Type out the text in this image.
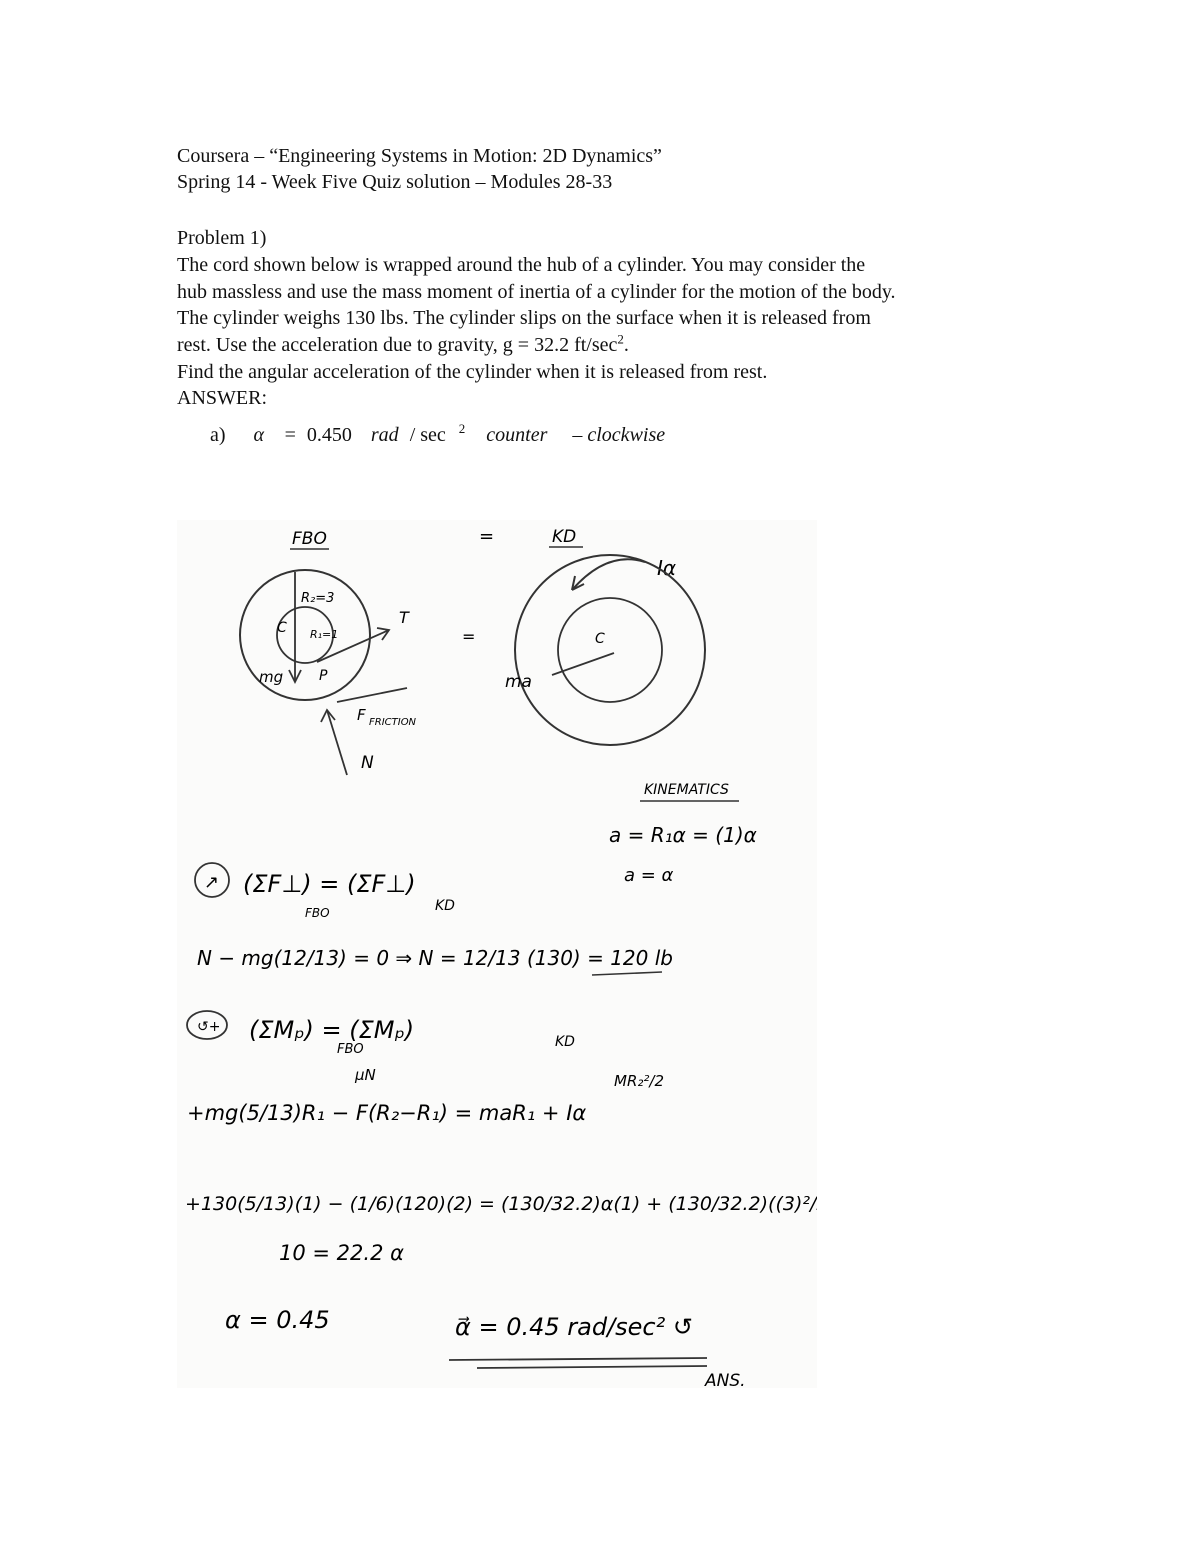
Coursera – “Engineering Systems in Motion: 2D Dynamics”
Spring 14 - Week Five Quiz solution – Modules 28-33
Problem 1)
The cord shown below is wrapped around the hub of a cylinder. You may consider the
hub massless and use the mass moment of inertia of a cylinder for the motion of the body.
The cylinder weighs 130 lbs. The cylinder slips on the surface when it is released from
rest. Use the acceleration due to gravity, g = 32.2 $ft/\sec^2$.
Find the angular acceleration of the cylinder when it is released from rest.
ANSWER:
a) α⃗ = 0.450 rad / sec $^2$ counter – clockwise
FBO	=	KD
Iα
R₂=3
R₁=1
C
mg	P
T
F FRICTION
N
=	C
ma
KINEMATICS
a = R₁α = (1)α
a = α
↗ (ΣF⊥) = (ΣF⊥)
FBO	KD
N − mg(12/13) = 0 ⇒ N = 12/13 (130) = 120 lb
↺+ (ΣMₚ) = (ΣMₚ)
FBO	KD
μN	MR₂²/2
+mg(5/13)R₁ − F(R₂−R₁) = maR₁ + Iα
+130(5/13)(1) − (1/6)(120)(2) = (130/32.2)α(1) + (130/32.2)((3)²/2)α
10 = 22.2 α
α = 0.45	α⃗ = 0.45 rad/sec² ↺
ANS.
